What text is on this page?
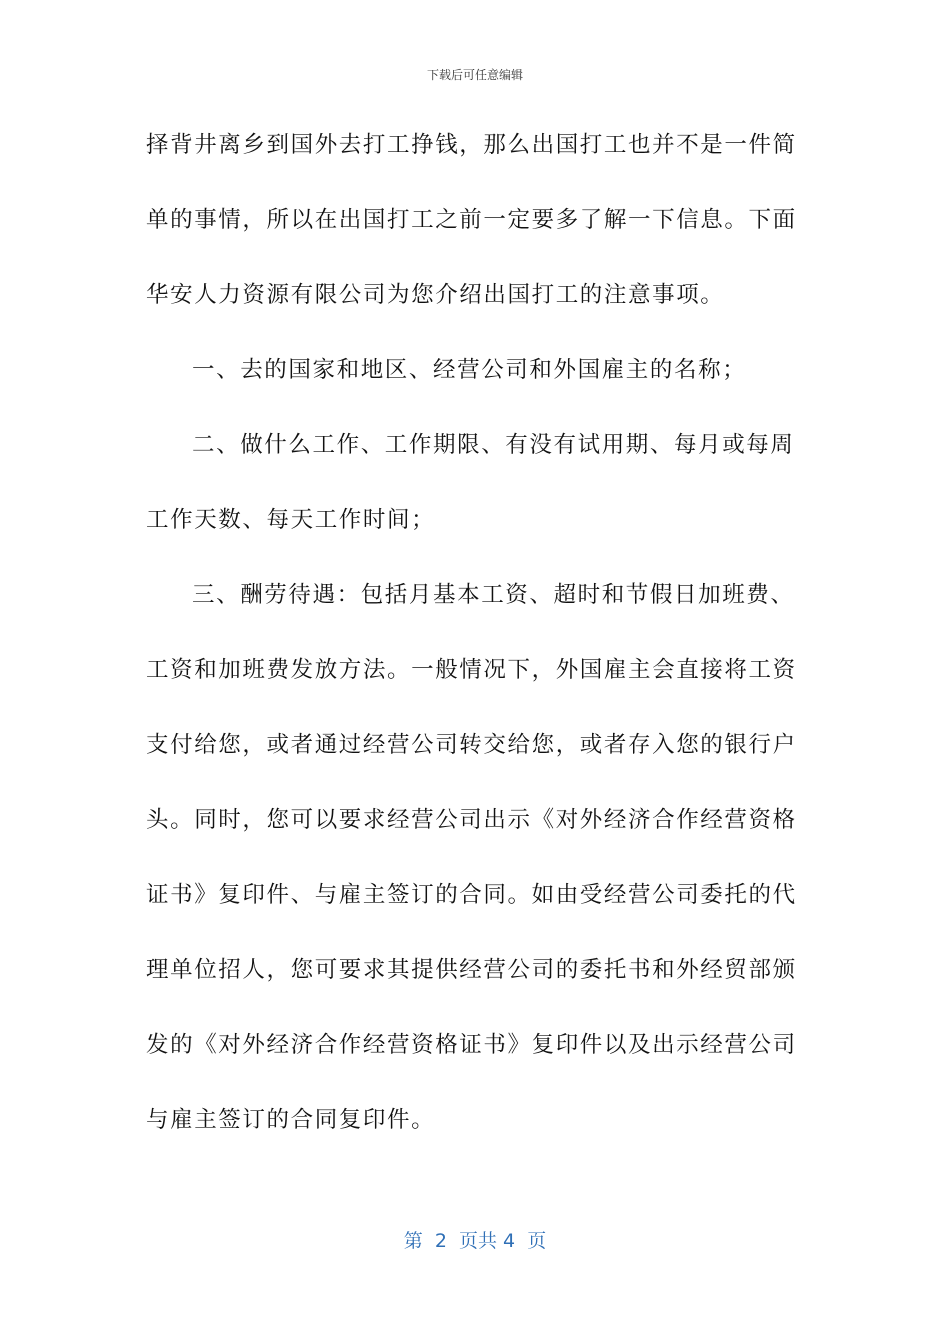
下载后可任意编辑
择背井离乡到国外去打工挣钱，那么出国打工也并不是一件简
单的事情，所以在出国打工之前一定要多了解一下信息。下面
华安人力资源有限公司为您介绍出国打工的注意事项。
一、去的国家和地区、经营公司和外国雇主的名称；
二、做什么工作、工作期限、有没有试用期、每月或每周
工作天数、每天工作时间；
三、酬劳待遇：包括月基本工资、超时和节假日加班费、
工资和加班费发放方法。一般情况下，外国雇主会直接将工资
支付给您，或者通过经营公司转交给您，或者存入您的银行户
头。同时，您可以要求经营公司出示《对外经济合作经营资格
证书》复印件、与雇主签订的合同。如由受经营公司委托的代
理单位招人，您可要求其提供经营公司的委托书和外经贸部颁
发的《对外经济合作经营资格证书》复印件以及出示经营公司
与雇主签订的合同复印件。
第  2  页共 4  页
